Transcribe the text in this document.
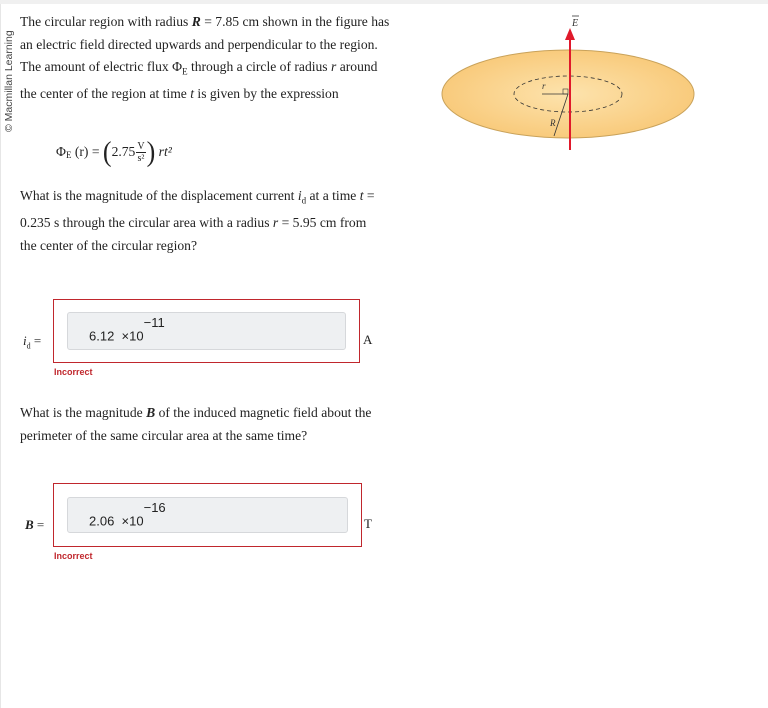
© Macmillan Learning
The circular region with radius R = 7.85 cm shown in the figure has an electric field directed upwards and perpendicular to the region. The amount of electric flux $\Phi_E$ through a circle of radius r around the center of the region at time t is given by the expression
$\Phi_E$ (r) = ( $2.75 \frac{V}{\text{s²}}$ )
rt²
What is the magnitude of the displacement current $i_d$ at a time t = 0.235 s through the circular area with a radius r = 5.95 cm from the center of the circular region?
$i_d$ =	$6.12 \times 10^{-11}$
A
Incorrect
What is the magnitude B of the induced magnetic field about the perimeter of the same circular area at the same time?
B =	$2.06 \times 10^{-16}$
T
Incorrect
E
r
R
